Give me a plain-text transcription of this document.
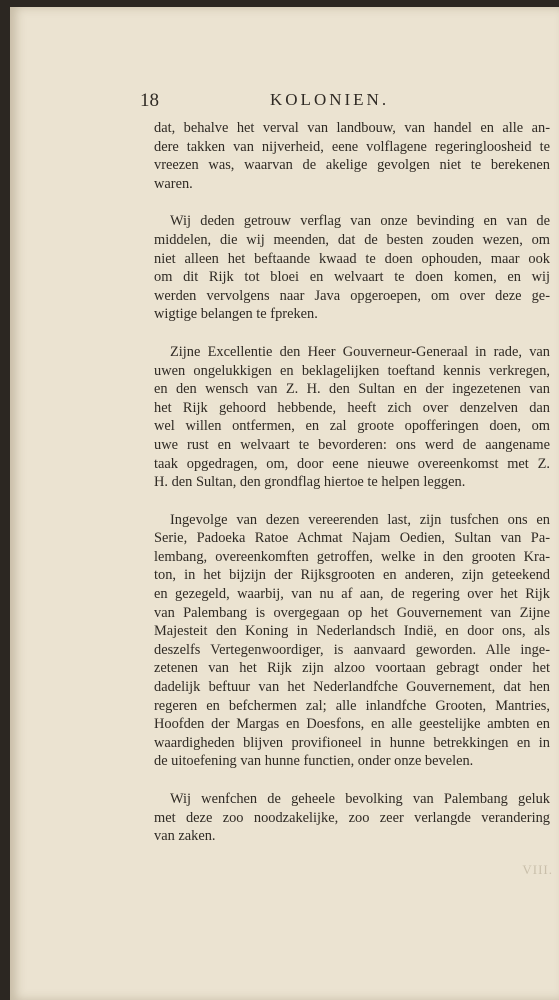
18	KOLONIEN.
dat, behalve het verval van landbouw, van handel en alle an-
dere takken van nijverheid, eene volflagene regeringloosheid te
vreezen was, waarvan de akelige gevolgen niet te berekenen
waren.
Wij deden getrouw verflag van onze bevinding en van de
middelen, die wij meenden, dat de besten zouden wezen, om
niet alleen het beftaande kwaad te doen ophouden, maar ook
om dit Rijk tot bloei en welvaart te doen komen, en wij
werden vervolgens naar Java opgeroepen, om over deze ge-
wigtige belangen te fpreken.
Zijne Excellentie den Heer Gouverneur-Generaal in rade, van
uwen ongelukkigen en beklagelijken toeftand kennis verkregen,
en den wensch van Z. H. den Sultan en der ingezetenen van
het Rijk gehoord hebbende, heeft zich over denzelven dan
wel willen ontfermen, en zal groote opofferingen doen, om
uwe rust en welvaart te bevorderen: ons werd de aangename
taak opgedragen, om, door eene nieuwe overeenkomst met Z.
H. den Sultan, den grondflag hiertoe te helpen leggen.
Ingevolge van dezen vereerenden last, zijn tusfchen ons en
Serie, Padoeka Ratoe Achmat Najam Oedien, Sultan van Pa-
lembang, overeenkomften getroffen, welke in den grooten Kra-
ton, in het bijzijn der Rijksgrooten en anderen, zijn geteekend
en gezegeld, waarbij, van nu af aan, de regering over het Rijk
van Palembang is overgegaan op het Gouvernement van Zijne
Majesteit den Koning in Nederlandsch Indië, en door ons, als
deszelfs Vertegenwoordiger, is aanvaard geworden. Alle inge-
zetenen van het Rijk zijn alzoo voortaan gebragt onder het
dadelijk beftuur van het Nederlandfche Gouvernement, dat hen
regeren en befchermen zal; alle inlandfche Grooten, Mantries,
Hoofden der Margas en Doesfons, en alle geestelijke ambten en
waardigheden blijven provifioneel in hunne betrekkingen en in
de uitoefening van hunne functien, onder onze bevelen.
Wij wenfchen de geheele bevolking van Palembang geluk
met deze zoo noodzakelijke, zoo zeer verlangde verandering
van zaken.
VIII.
